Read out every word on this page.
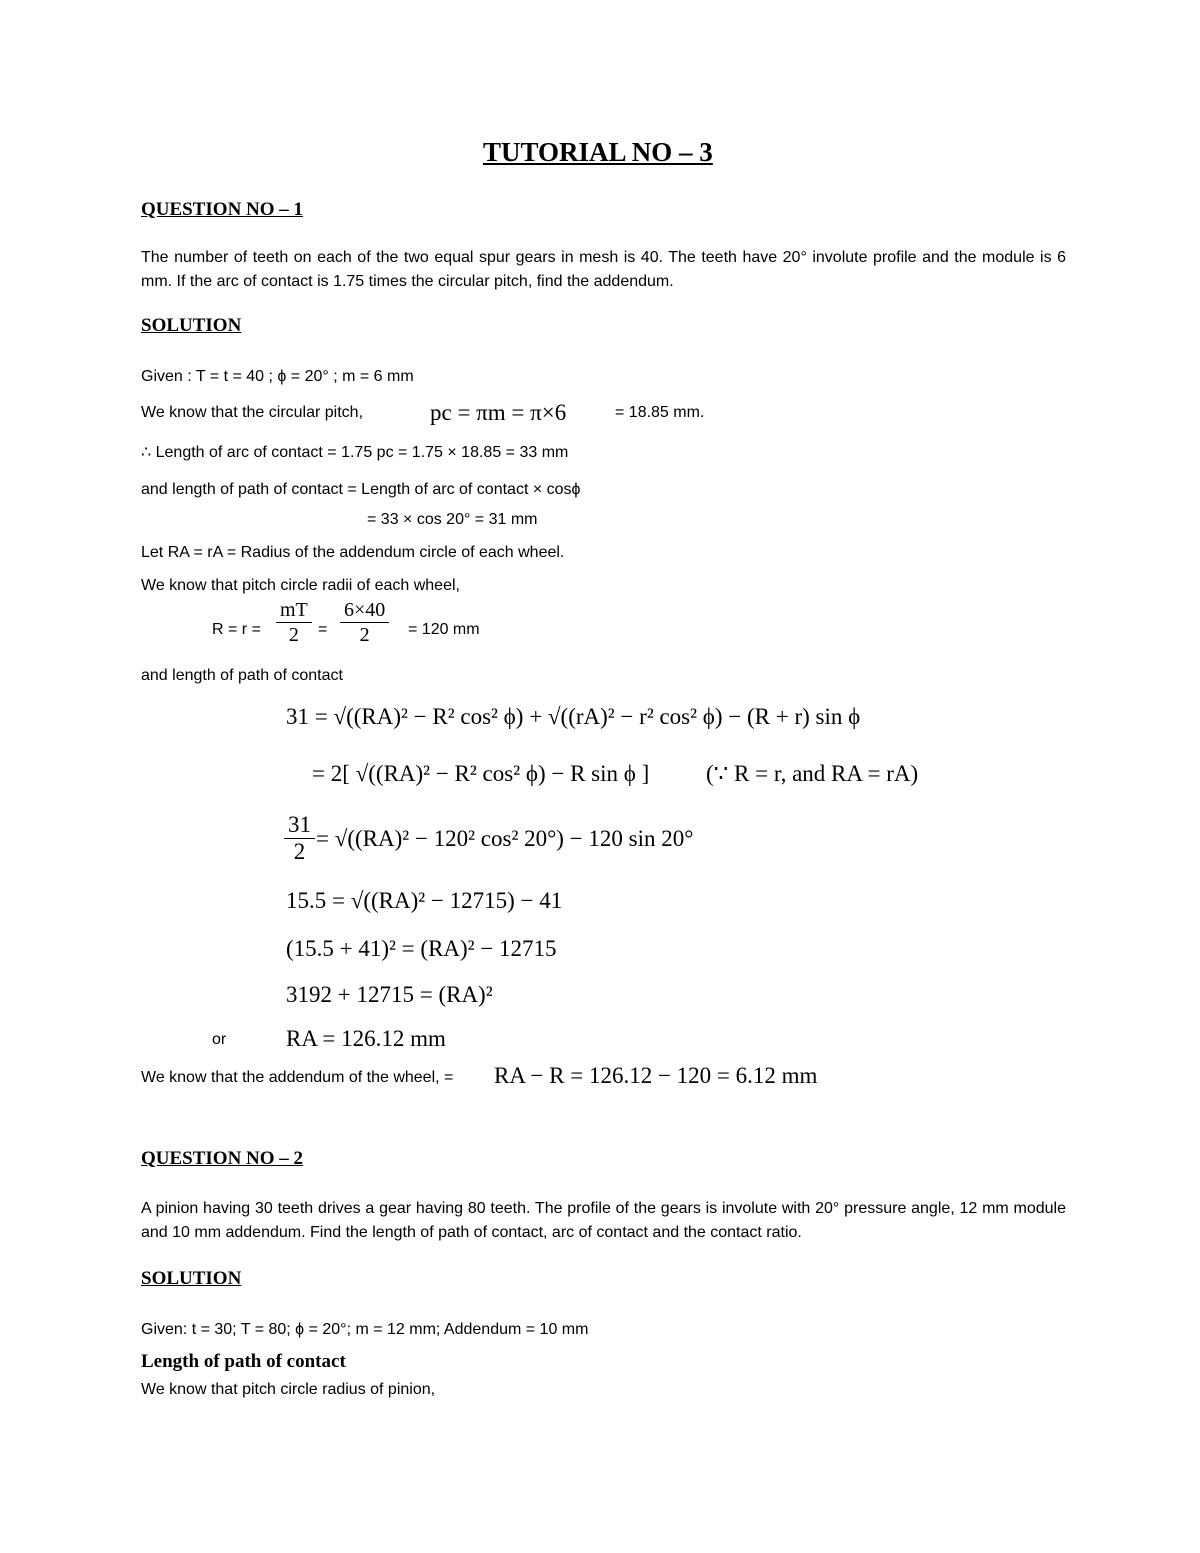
TUTORIAL NO – 3
QUESTION NO – 1
The number of teeth on each of the two equal spur gears in mesh is 40. The teeth have 20° involute profile and the module is 6 mm. If the arc of contact is 1.75 times the circular pitch, find the addendum.
SOLUTION
Given : T = t = 40 ; ϕ = 20° ; m = 6 mm
We know that the circular pitch,	pc = πm = π×6	= 18.85 mm.
∴ Length of arc of contact = 1.75 pc = 1.75 × 18.85 = 33 mm
and length of path of contact = Length of arc of contact × cosϕ
= 33 × cos 20° = 31 mm
Let RA = rA = Radius of the addendum circle of each wheel.
We know that pitch circle radii of each wheel,
$R = r = \frac{mT}{2} = \frac{6\times 40}{2} = 120$ mm
and length of path of contact
31 = √((RA)² − R² cos² ϕ) + √((rA)² − r² cos² ϕ) − (R + r) sin ϕ
= 2[ √((RA)² − R² cos² ϕ) − R sin ϕ ] (∵ R = r, and RA = rA)
$\frac{31}{2} = √((RA)^2 - 120^2$ cos² 20°) − 120 sin 20°
15.5 = √((RA)² − 12715) − 41
(15.5 + 41)² = (RA)² − 12715
3192 + 12715 = (RA)²
or	RA = 126.12 mm
We know that the addendum of the wheel, = RA − R = 126.12 − 120 = 6.12 mm
QUESTION NO – 2
A pinion having 30 teeth drives a gear having 80 teeth. The profile of the gears is involute with 20° pressure angle, 12 mm module and 10 mm addendum. Find the length of path of contact, arc of contact and the contact ratio.
SOLUTION
Given: t = 30; T = 80; ϕ = 20°; m = 12 mm; Addendum = 10 mm
Length of path of contact
We know that pitch circle radius of pinion,
